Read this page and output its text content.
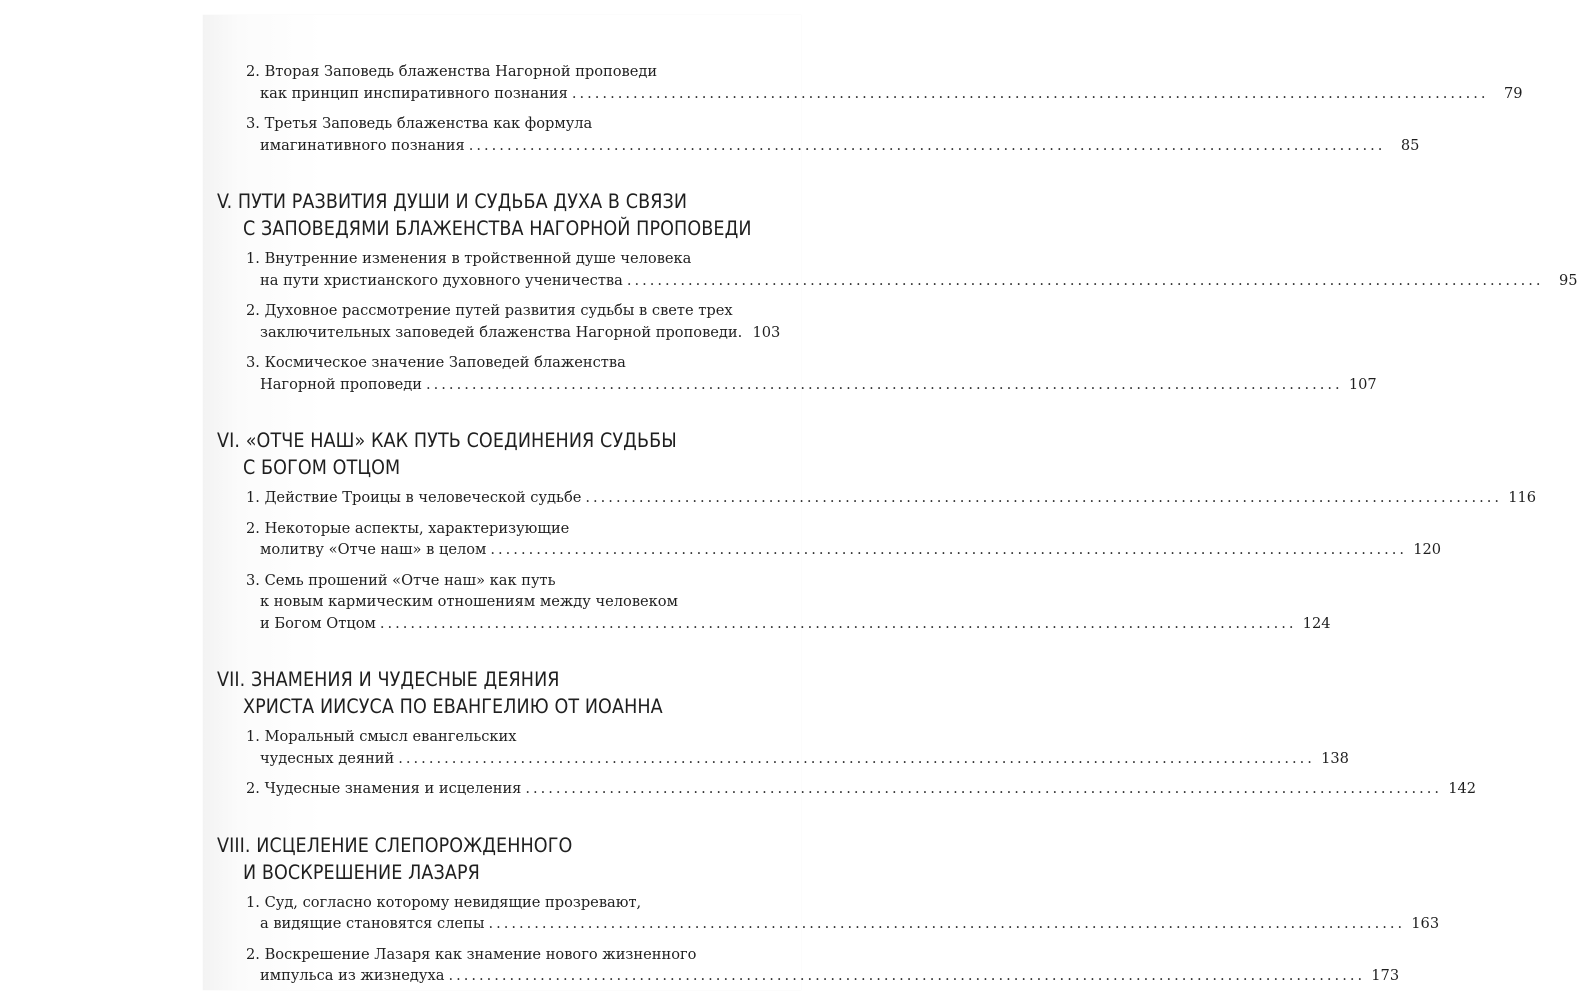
2. Вторая Заповедь блаженства Нагорной проповеди
как принцип инспиративного познания ........................................................................................................................	79
3. Третья Заповедь блаженства как формула
имагинативного познания ........................................................................................................................	85
V. ПУТИ РАЗВИТИЯ ДУШИ И СУДЬБА ДУХА В СВЯЗИ
С ЗАПОВЕДЯМИ БЛАЖЕНСТВА НАГОРНОЙ ПРОПОВЕДИ
1. Внутренние изменения в тройственной душе человека
на пути христианского духовного ученичества ........................................................................................................................	95
2. Духовное рассмотрение путей развития судьбы в свете трех
заключительных заповедей блаженства Нагорной проповеди. 103
3. Космическое значение Заповедей блаженства
Нагорной проповеди ........................................................................................................................ 107
VI. «ОТЧЕ НАШ» КАК ПУТЬ СОЕДИНЕНИЯ СУДЬБЫ
С БОГОМ ОТЦОМ
1. Действие Троицы в человеческой судьбе ........................................................................................................................ 116
2. Некоторые аспекты, характеризующие
молитву «Отче наш» в целом ........................................................................................................................ 120
3. Семь прошений «Отче наш» как путь
к новым кармическим отношениям между человеком
и Богом Отцом ........................................................................................................................ 124
VII. ЗНАМЕНИЯ И ЧУДЕСНЫЕ ДЕЯНИЯ
ХРИСТА ИИСУСА ПО ЕВАНГЕЛИЮ ОТ ИОАННА
1. Моральный смысл евангельских
чудесных деяний ........................................................................................................................ 138
2. Чудесные знамения и исцеления ........................................................................................................................ 142
VIII. ИСЦЕЛЕНИЕ СЛЕПОРОЖДЕННОГО
И ВОСКРЕШЕНИЕ ЛАЗАРЯ
1. Суд, согласно которому невидящие прозревают,
а видящие становятся слепы ........................................................................................................................ 163
2. Воскрешение Лазаря как знамение нового жизненного
импульса из жизнедуха ........................................................................................................................ 173
